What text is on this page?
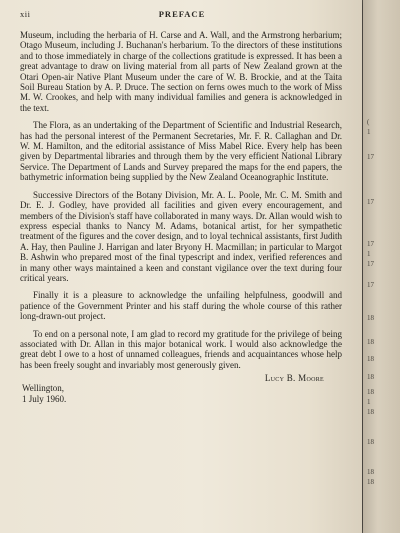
xii	PREFACE

Museum, including the herbaria of H. Carse and A. Wall, and the Armstrong herbarium; Otago Museum, including J. Buchanan's herbarium. To the directors of these institutions and to those immediately in charge of the collections gratitude is expressed. It has been a great advantage to draw on living material from all parts of New Zealand grown at the Otari Open-air Native Plant Museum under the care of W. B. Brockie, and at the Taita Soil Bureau Station by A. P. Druce. The section on ferns owes much to the work of Miss M. W. Crookes, and help with many individual families and genera is acknowledged in the text.

The Flora, as an undertaking of the Department of Scientific and Industrial Research, has had the personal interest of the Permanent Secretaries, Mr. F. R. Callaghan and Dr. W. M. Hamilton, and the editorial assistance of Miss Mabel Rice. Every help has been given by Departmental libraries and through them by the very efficient National Library Service. The Department of Lands and Survey prepared the maps for the end papers, the bathymetric information being supplied by the New Zealand Oceanographic Institute.

Successive Directors of the Botany Division, Mr. A. L. Poole, Mr. C. M. Smith and Dr. E. J. Godley, have provided all facilities and given every encouragement, and members of the Division's staff have collaborated in many ways. Dr. Allan would wish to express especial thanks to Nancy M. Adams, botanical artist, for her sympathetic treatment of the figures and the cover design, and to loyal technical assistants, first Judith A. Hay, then Pauline J. Harrigan and later Bryony H. Macmillan; in particular to Margot B. Ashwin who prepared most of the final typescript and index, verified references and in many other ways maintained a keen and constant vigilance over the text during four critical years.

Finally it is a pleasure to acknowledge the unfailing helpfulness, goodwill and patience of the Government Printer and his staff during the whole course of this rather long-drawn-out project.

To end on a personal note, I am glad to record my gratitude for the privilege of being associated with Dr. Allan in this major botanical work. I would also acknowledge the great debt I owe to a host of unnamed colleagues, friends and acquaintances whose help has been freely sought and invariably most generously given.

Lucy B. Moore
Wellington,
1 July 1960.
(
1
17
17
17
1
17
17
18
18
18
18
18
1
18
18
18
18
